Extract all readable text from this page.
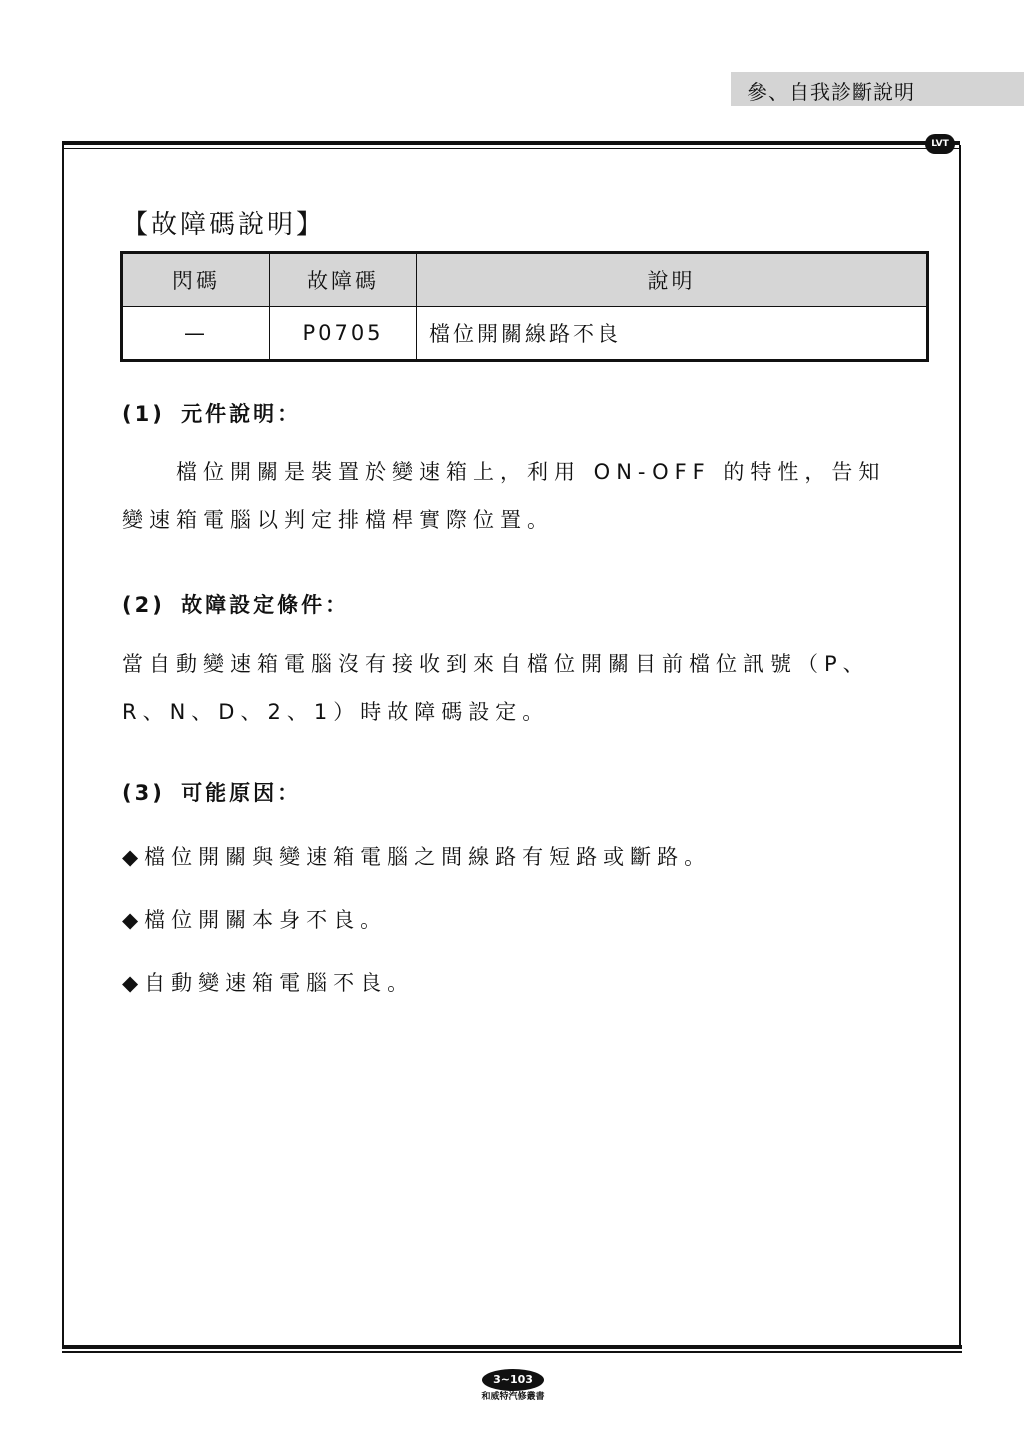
參、自我診斷說明
LVT
【故障碼說明】
閃碼	故障碼	說明
—	P0705	檔位開關線路不良
(1) 元件說明：
　　檔位開關是裝置於變速箱上，利用 ON-OFF 的特性，告知
變速箱電腦以判定排檔桿實際位置。
(2) 故障設定條件：
當自動變速箱電腦沒有接收到來自檔位開關目前檔位訊號（P、
R、N、D、2、1）時故障碼設定。
(3) 可能原因：
◆ 檔位開關與變速箱電腦之間線路有短路或斷路。
◆ 檔位開關本身不良。
◆ 自動變速箱電腦不良。
3~103
和威特汽修叢書
